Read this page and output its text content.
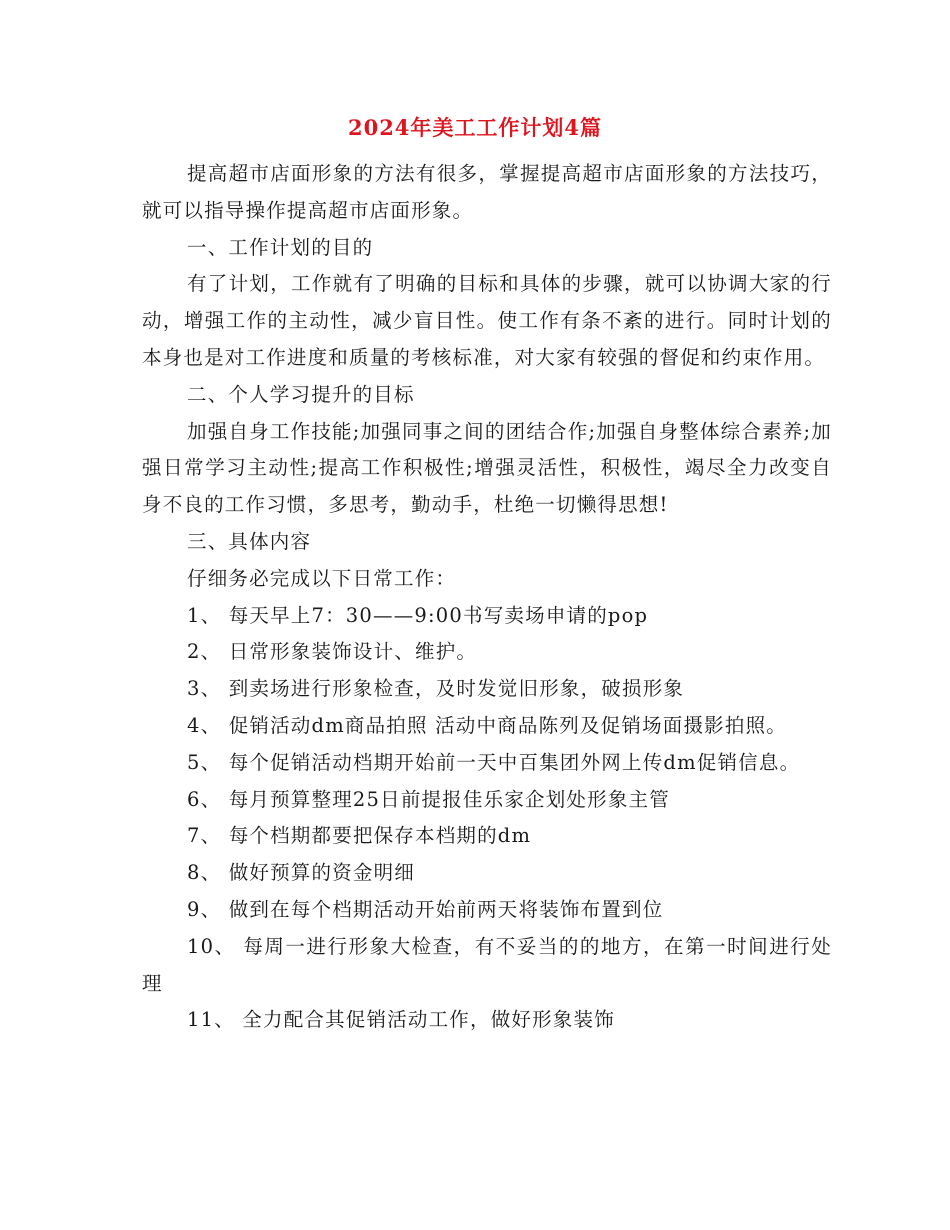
2024年美工工作计划4篇

提高超市店面形象的方法有很多，掌握提高超市店面形象的方法技巧，就可以指导操作提高超市店面形象。

一、工作计划的目的

有了计划，工作就有了明确的目标和具体的步骤，就可以协调大家的行动，增强工作的主动性，减少盲目性。使工作有条不紊的进行。同时计划的本身也是对工作进度和质量的考核标准，对大家有较强的督促和约束作用。

二、个人学习提升的目标

加强自身工作技能;加强同事之间的团结合作;加强自身整体综合素养;加强日常学习主动性;提高工作积极性;增强灵活性，积极性，竭尽全力改变自身不良的工作习惯，多思考，勤动手，杜绝一切懒得思想!

三、具体内容

仔细务必完成以下日常工作：

1、 每天早上7：30——9:00书写卖场申请的pop

2、 日常形象装饰设计、维护。

3、 到卖场进行形象检查，及时发觉旧形象，破损形象

4、 促销活动dm商品拍照 活动中商品陈列及促销场面摄影拍照。

5、 每个促销活动档期开始前一天中百集团外网上传dm促销信息。

6、 每月预算整理25日前提报佳乐家企划处形象主管

7、 每个档期都要把保存本档期的dm

8、 做好预算的资金明细

9、 做到在每个档期活动开始前两天将装饰布置到位

10、 每周一进行形象大检查，有不妥当的的地方，在第一时间进行处理

11、 全力配合其促销活动工作，做好形象装饰
